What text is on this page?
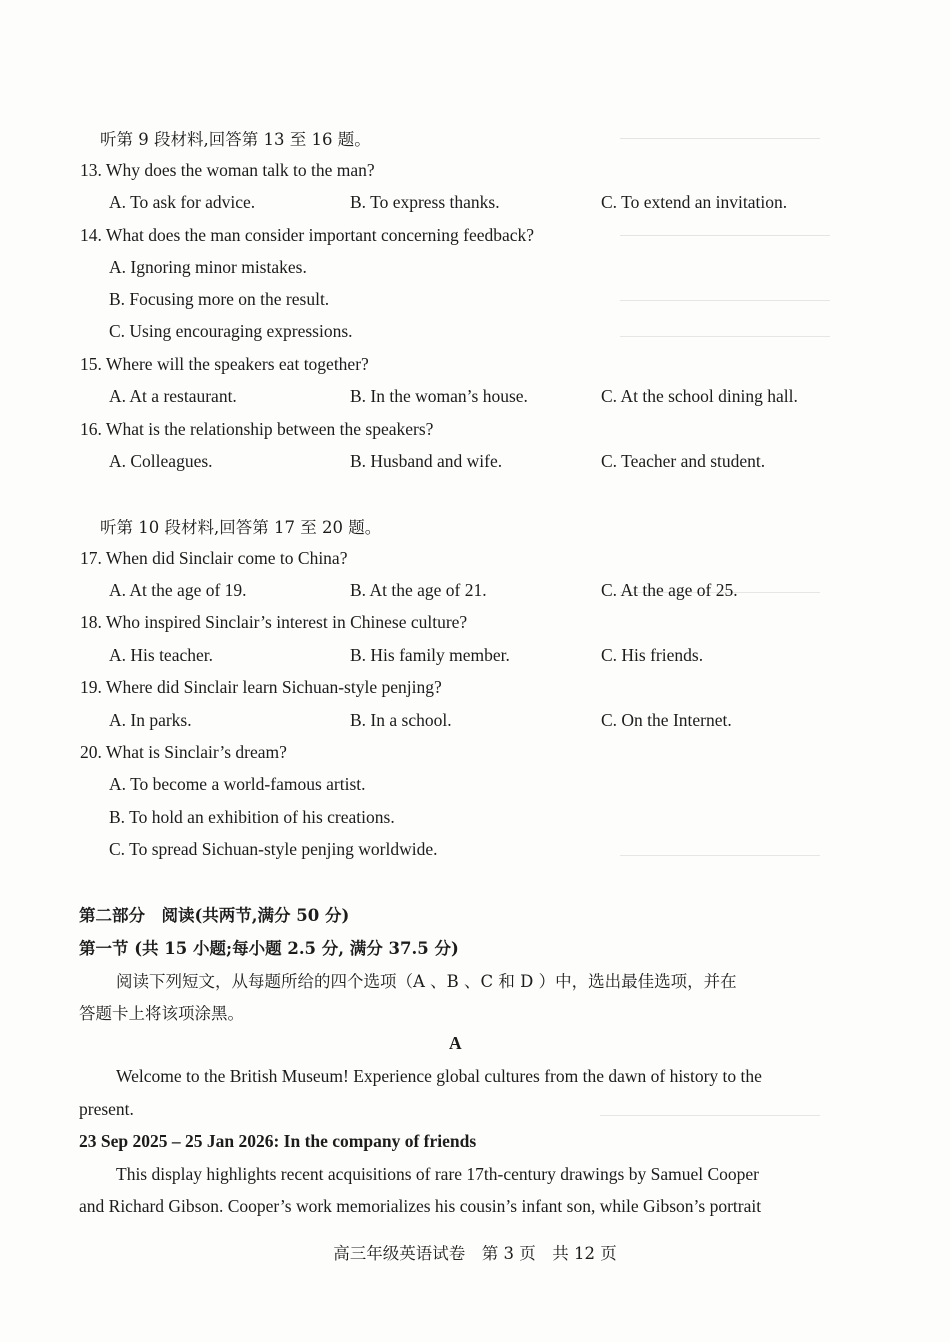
听第 9 段材料,回答第 13 至 16 题。
13. Why does the woman talk to the man?
A. To ask for advice.	B. To express thanks.	C. To extend an invitation.
14. What does the man consider important concerning feedback?
A. Ignoring minor mistakes.
B. Focusing more on the result.
C. Using encouraging expressions.
15. Where will the speakers eat together?
A. At a restaurant.	B. In the woman’s house.	C. At the school dining hall.
16. What is the relationship between the speakers?
A. Colleagues.	B. Husband and wife.	C. Teacher and student.
听第 10 段材料,回答第 17 至 20 题。
17. When did Sinclair come to China?
A. At the age of 19.	B. At the age of 21.	C. At the age of 25.
18. Who inspired Sinclair’s interest in Chinese culture?
A. His teacher.	B. His family member.	C. His friends.
19. Where did Sinclair learn Sichuan-style penjing?
A. In parks.	B. In a school.	C. On the Internet.
20. What is Sinclair’s dream?
A. To become a world-famous artist.
B. To hold an exhibition of his creations.
C. To spread Sichuan-style penjing worldwide.
第二部分　阅读(共两节,满分 50 分)
第一节 (共 15 小题;每小题 2.5 分, 满分 37.5 分)
阅读下列短文，从每题所给的四个选项（A 、B 、C 和 D ）中，选出最佳选项，并在
答题卡上将该项涂黑。
A
Welcome to the British Museum! Experience global cultures from the dawn of history to the
present.
23 Sep 2025 – 25 Jan 2026: In the company of friends
This display highlights recent acquisitions of rare 17th-century drawings by Samuel Cooper
and Richard Gibson. Cooper’s work memorializes his cousin’s infant son, while Gibson’s portrait
高三年级英语试卷　第 3 页　共 12 页
